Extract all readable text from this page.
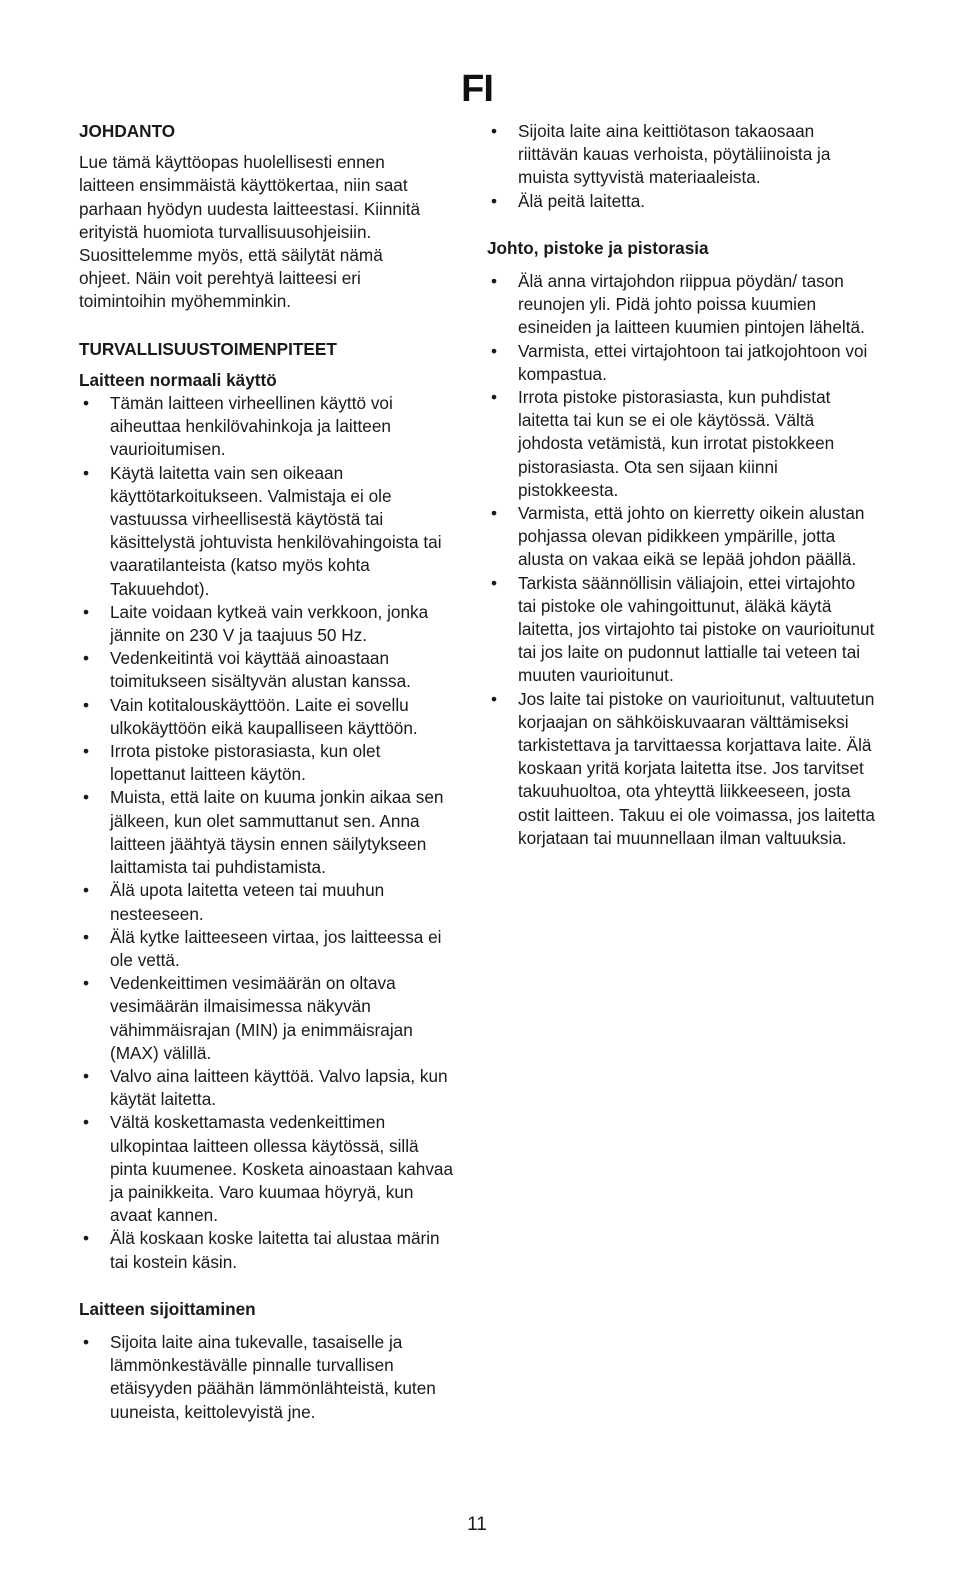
FI
JOHDANTO

Lue tämä käyttöopas huolellisesti ennen laitteen ensimmäistä käyttökertaa, niin saat parhaan hyödyn uudesta laitteestasi. Kiinnitä erityistä huomiota turvallisuusohjeisiin. Suosittelemme myös, että säilytät nämä ohjeet. Näin voit perehtyä laitteesi eri toimintoihin myöhemminkin.

TURVALLISUUSTOIMENPITEET
Laitteen normaali käyttö
• Tämän laitteen virheellinen käyttö voi aiheuttaa henkilövahinkoja ja laitteen vaurioitumisen.
• Käytä laitetta vain sen oikeaan käyttötarkoitukseen. Valmistaja ei ole vastuussa virheellisestä käytöstä tai käsittelystä johtuvista henkilövahingoista tai vaaratilanteista (katso myös kohta Takuuehdot).
• Laite voidaan kytkeä vain verkkoon, jonka jännite on 230 V ja taajuus 50 Hz.
• Vedenkeitintä voi käyttää ainoastaan toimitukseen sisältyvän alustan kanssa.
• Vain kotitalouskäyttöön. Laite ei sovellu ulkokäyttöön eikä kaupalliseen käyttöön.
• Irrota pistoke pistorasiasta, kun olet lopettanut laitteen käytön.
• Muista, että laite on kuuma jonkin aikaa sen jälkeen, kun olet sammuttanut sen. Anna laitteen jäähtyä täysin ennen säilytykseen laittamista tai puhdistamista.
• Älä upota laitetta veteen tai muuhun nesteeseen.
• Älä kytke laitteeseen virtaa, jos laitteessa ei ole vettä.
• Vedenkeittimen vesimäärän on oltava vesimäärän ilmaisimessa näkyvän vähimmäisrajan (MIN) ja enimmäisrajan (MAX) välillä.
• Valvo aina laitteen käyttöä. Valvo lapsia, kun käytät laitetta.
• Vältä koskettamasta vedenkeittimen ulkopintaa laitteen ollessa käytössä, sillä pinta kuumenee. Kosketa ainoastaan kahvaa ja painikkeita. Varo kuumaa höyryä, kun avaat kannen.
• Älä koskaan koske laitetta tai alustaa märin tai kostein käsin.
Laitteen sijoittaminen
• Sijoita laite aina tukevalle, tasaiselle ja lämmönkestävälle pinnalle turvallisen etäisyyden päähän lämmönlähteistä, kuten uuneista, keittolevyistä jne.
• Sijoita laite aina keittiötason takaosaan riittävän kauas verhoista, pöytäliinoista ja muista syttyvistä materiaaleista.
• Älä peitä laitetta.
Johto, pistoke ja pistorasia
• Älä anna virtajohdon riippua pöydän/ tason reunojen yli. Pidä johto poissa kuumien esineiden ja laitteen kuumien pintojen läheltä.
• Varmista, ettei virtajohtoon tai jatkojohtoon voi kompastua.
• Irrota pistoke pistorasiasta, kun puhdistat laitetta tai kun se ei ole käytössä. Vältä johdosta vetämistä, kun irrotat pistokkeen pistorasiasta. Ota sen sijaan kiinni pistokkeesta.
• Varmista, että johto on kierretty oikein alustan pohjassa olevan pidikkeen ympärille, jotta alusta on vakaa eikä se lepää johdon päällä.
• Tarkista säännöllisin väliajoin, ettei virtajohto tai pistoke ole vahingoittunut, äläkä käytä laitetta, jos virtajohto tai pistoke on vaurioitunut tai jos laite on pudonnut lattialle tai veteen tai muuten vaurioitunut.
• Jos laite tai pistoke on vaurioitunut, valtuutetun korjaajan on sähköiskuvaaran välttämiseksi tarkistettava ja tarvittaessa korjattava laite. Älä koskaan yritä korjata laitetta itse. Jos tarvitset takuuhuoltoa, ota yhteyttä liikkeeseen, josta ostit laitteen. Takuu ei ole voimassa, jos laitetta korjataan tai muunnellaan ilman valtuuksia.
11
